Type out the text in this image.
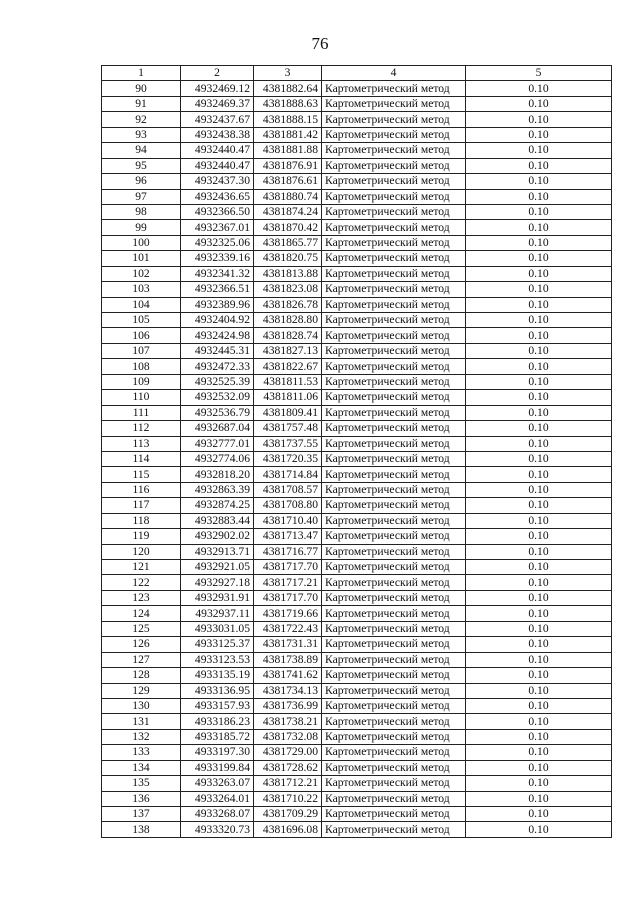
76
1	2	3	4	5
90	4932469.12	4381882.64	Картометрический метод	0.10
91	4932469.37	4381888.63	Картометрический метод	0.10
92	4932437.67	4381888.15	Картометрический метод	0.10
93	4932438.38	4381881.42	Картометрический метод	0.10
94	4932440.47	4381881.88	Картометрический метод	0.10
95	4932440.47	4381876.91	Картометрический метод	0.10
96	4932437.30	4381876.61	Картометрический метод	0.10
97	4932436.65	4381880.74	Картометрический метод	0.10
98	4932366.50	4381874.24	Картометрический метод	0.10
99	4932367.01	4381870.42	Картометрический метод	0.10
100	4932325.06	4381865.77	Картометрический метод	0.10
101	4932339.16	4381820.75	Картометрический метод	0.10
102	4932341.32	4381813.88	Картометрический метод	0.10
103	4932366.51	4381823.08	Картометрический метод	0.10
104	4932389.96	4381826.78	Картометрический метод	0.10
105	4932404.92	4381828.80	Картометрический метод	0.10
106	4932424.98	4381828.74	Картометрический метод	0.10
107	4932445.31	4381827.13	Картометрический метод	0.10
108	4932472.33	4381822.67	Картометрический метод	0.10
109	4932525.39	4381811.53	Картометрический метод	0.10
110	4932532.09	4381811.06	Картометрический метод	0.10
111	4932536.79	4381809.41	Картометрический метод	0.10
112	4932687.04	4381757.48	Картометрический метод	0.10
113	4932777.01	4381737.55	Картометрический метод	0.10
114	4932774.06	4381720.35	Картометрический метод	0.10
115	4932818.20	4381714.84	Картометрический метод	0.10
116	4932863.39	4381708.57	Картометрический метод	0.10
117	4932874.25	4381708.80	Картометрический метод	0.10
118	4932883.44	4381710.40	Картометрический метод	0.10
119	4932902.02	4381713.47	Картометрический метод	0.10
120	4932913.71	4381716.77	Картометрический метод	0.10
121	4932921.05	4381717.70	Картометрический метод	0.10
122	4932927.18	4381717.21	Картометрический метод	0.10
123	4932931.91	4381717.70	Картометрический метод	0.10
124	4932937.11	4381719.66	Картометрический метод	0.10
125	4933031.05	4381722.43	Картометрический метод	0.10
126	4933125.37	4381731.31	Картометрический метод	0.10
127	4933123.53	4381738.89	Картометрический метод	0.10
128	4933135.19	4381741.62	Картометрический метод	0.10
129	4933136.95	4381734.13	Картометрический метод	0.10
130	4933157.93	4381736.99	Картометрический метод	0.10
131	4933186.23	4381738.21	Картометрический метод	0.10
132	4933185.72	4381732.08	Картометрический метод	0.10
133	4933197.30	4381729.00	Картометрический метод	0.10
134	4933199.84	4381728.62	Картометрический метод	0.10
135	4933263.07	4381712.21	Картометрический метод	0.10
136	4933264.01	4381710.22	Картометрический метод	0.10
137	4933268.07	4381709.29	Картометрический метод	0.10
138	4933320.73	4381696.08	Картометрический метод	0.10
